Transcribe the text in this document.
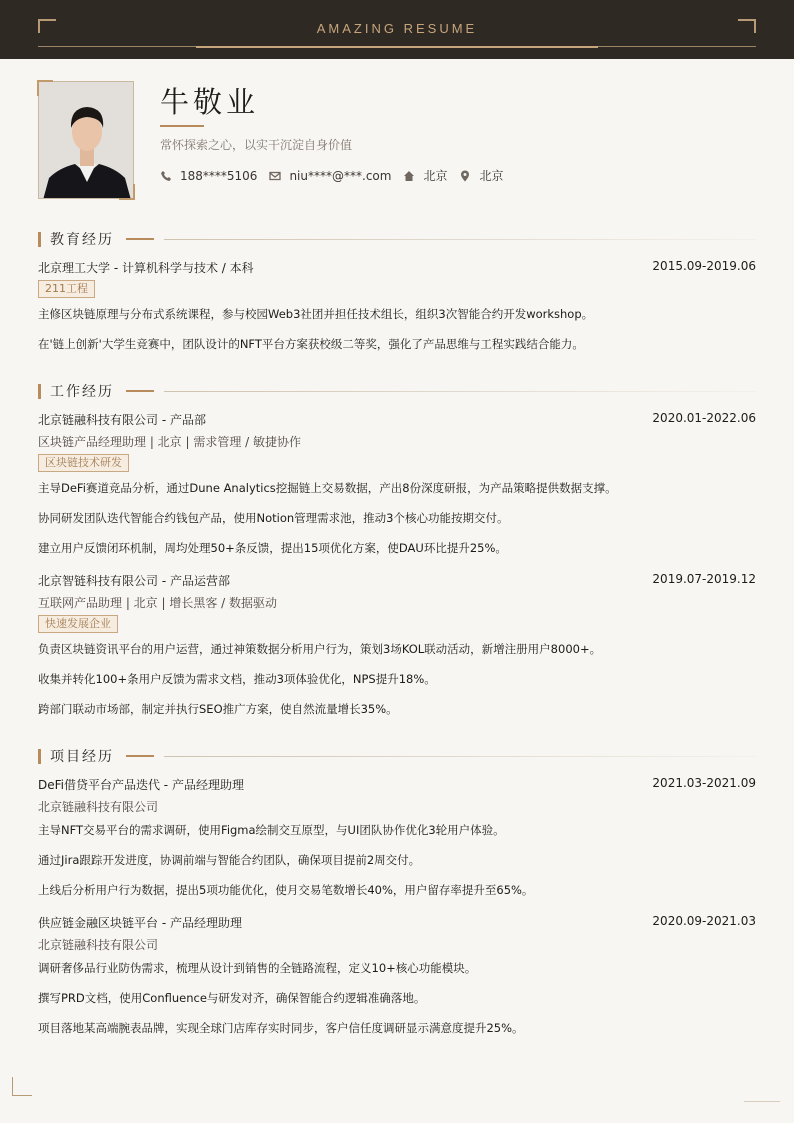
AMAZING RESUME
牛敬业
常怀探索之心，以实干沉淀自身价值
188****5106	niu****@***.com	北京	北京
教育经历
北京理工大学 - 计算机科学与技术 / 本科	2015.09-2019.06
211工程
主修区块链原理与分布式系统课程，参与校园Web3社团并担任技术组长，组织3次智能合约开发workshop。
在'链上创新'大学生竞赛中，团队设计的NFT平台方案获校级二等奖，强化了产品思维与工程实践结合能力。
工作经历
北京链融科技有限公司 - 产品部	2020.01-2022.06
区块链产品经理助理 | 北京 | 需求管理 / 敏捷协作
区块链技术研发
主导DeFi赛道竞品分析，通过Dune Analytics挖掘链上交易数据，产出8份深度研报，为产品策略提供数据支撑。
协同研发团队迭代智能合约钱包产品，使用Notion管理需求池，推动3个核心功能按期交付。
建立用户反馈闭环机制，周均处理50+条反馈，提出15项优化方案，使DAU环比提升25%。
北京智链科技有限公司 - 产品运营部	2019.07-2019.12
互联网产品助理 | 北京 | 增长黑客 / 数据驱动
快速发展企业
负责区块链资讯平台的用户运营，通过神策数据分析用户行为，策划3场KOL联动活动，新增注册用户8000+。
收集并转化100+条用户反馈为需求文档，推动3项体验优化，NPS提升18%。
跨部门联动市场部，制定并执行SEO推广方案，使自然流量增长35%。
项目经历
DeFi借贷平台产品迭代 - 产品经理助理	2021.03-2021.09
北京链融科技有限公司
主导NFT交易平台的需求调研，使用Figma绘制交互原型，与UI团队协作优化3轮用户体验。
通过Jira跟踪开发进度，协调前端与智能合约团队，确保项目提前2周交付。
上线后分析用户行为数据，提出5项功能优化，使月交易笔数增长40%，用户留存率提升至65%。
供应链金融区块链平台 - 产品经理助理	2020.09-2021.03
北京链融科技有限公司
调研奢侈品行业防伪需求，梳理从设计到销售的全链路流程，定义10+核心功能模块。
撰写PRD文档，使用Confluence与研发对齐，确保智能合约逻辑准确落地。
项目落地某高端腕表品牌，实现全球门店库存实时同步，客户信任度调研显示满意度提升25%。
